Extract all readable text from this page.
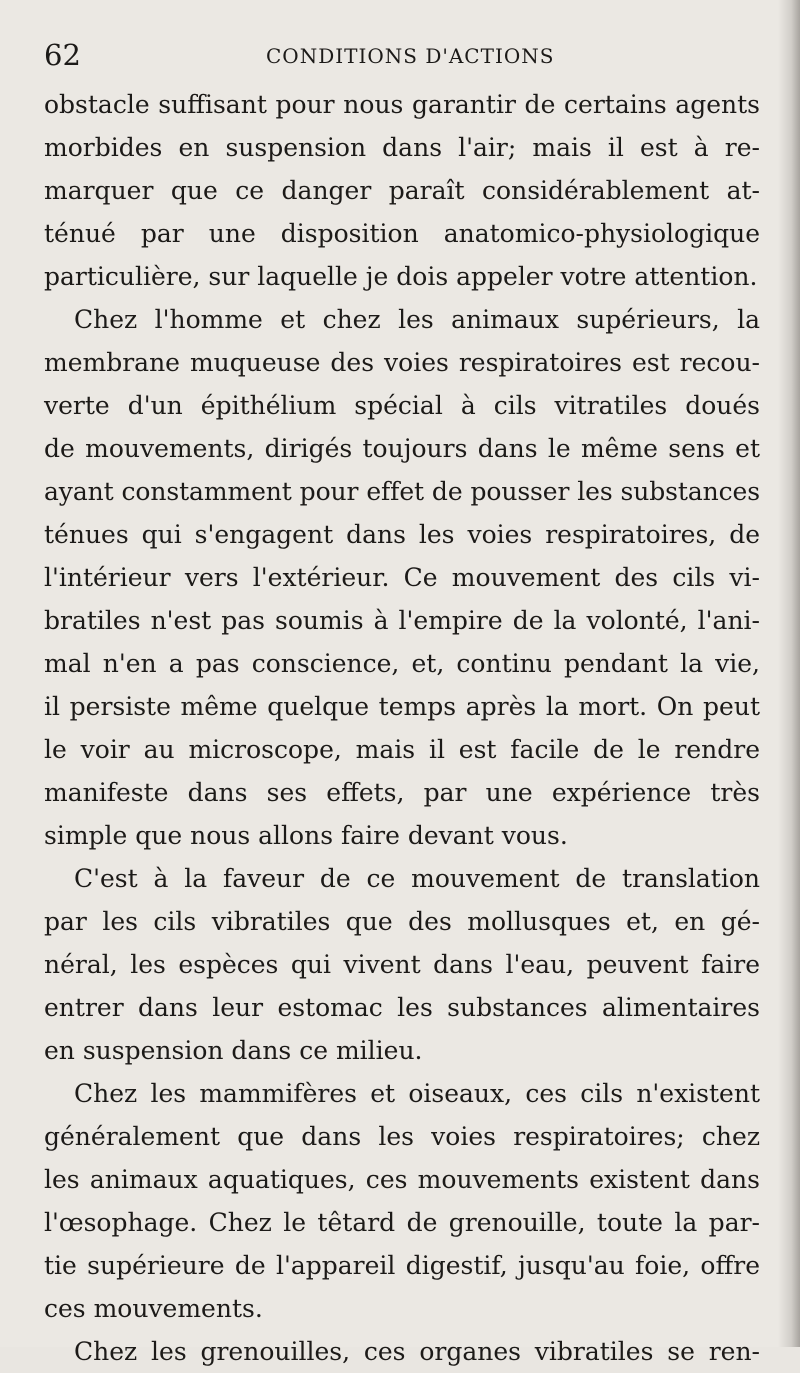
62	CONDITIONS D'ACTIONS
obstacle suffisant pour nous garantir de certains agents
morbides en suspension dans l'air; mais il est à re-
marquer que ce danger paraît considérablement at-
ténué par une disposition anatomico-physiologique
particulière, sur laquelle je dois appeler votre attention.
Chez l'homme et chez les animaux supérieurs, la
membrane muqueuse des voies respiratoires est recou-
verte d'un épithélium spécial à cils vitratiles doués
de mouvements, dirigés toujours dans le même sens et
ayant constamment pour effet de pousser les substances
ténues qui s'engagent dans les voies respiratoires, de
l'intérieur vers l'extérieur. Ce mouvement des cils vi-
bratiles n'est pas soumis à l'empire de la volonté, l'ani-
mal n'en a pas conscience, et, continu pendant la vie,
il persiste même quelque temps après la mort. On peut
le voir au microscope, mais il est facile de le rendre
manifeste dans ses effets, par une expérience très
simple que nous allons faire devant vous.
C'est à la faveur de ce mouvement de translation
par les cils vibratiles que des mollusques et, en gé-
néral, les espèces qui vivent dans l'eau, peuvent faire
entrer dans leur estomac les substances alimentaires
en suspension dans ce milieu.
Chez les mammifères et oiseaux, ces cils n'existent
généralement que dans les voies respiratoires; chez
les animaux aquatiques, ces mouvements existent dans
l'œsophage. Chez le têtard de grenouille, toute la par-
tie supérieure de l'appareil digestif, jusqu'au foie, offre
ces mouvements.
Chez les grenouilles, ces organes vibratiles se ren-
